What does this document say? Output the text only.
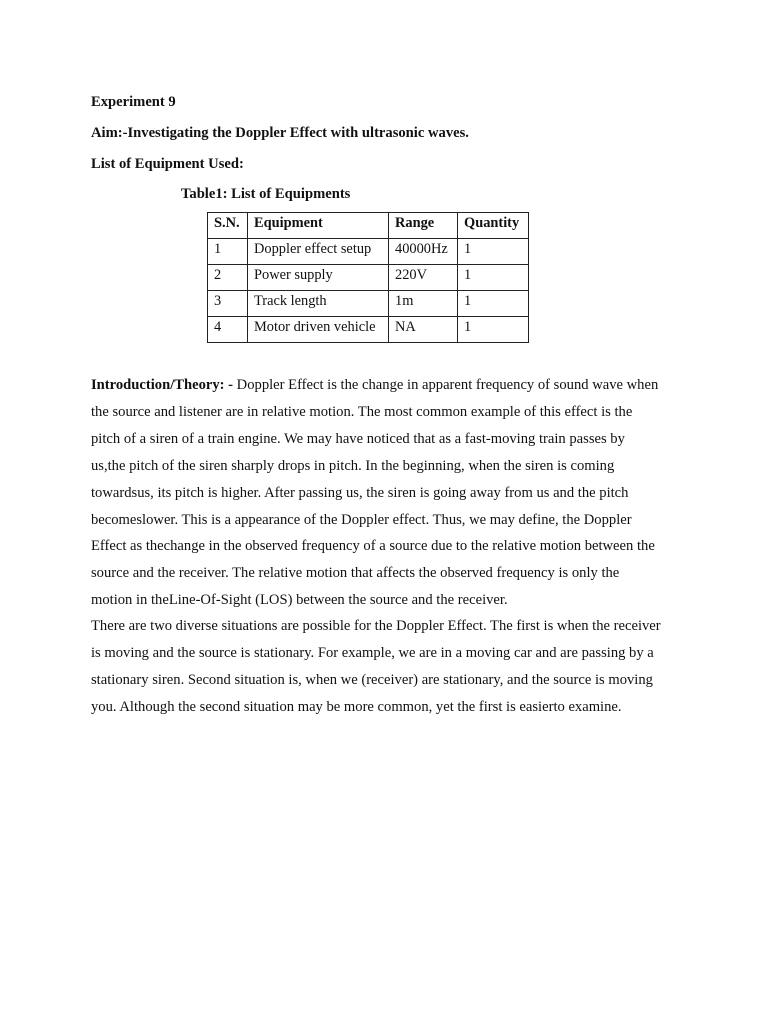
Experiment 9
Aim:-Investigating the Doppler Effect with ultrasonic waves.
List of Equipment Used:
Table1: List of Equipments
S.N.	Equipment	Range	Quantity
1	Doppler effect setup	40000Hz	1
2	Power supply	220V	1
3	Track length	1m	1
4	Motor driven vehicle	NA	1
Introduction/Theory: - Doppler Effect is the change in apparent frequency of sound wave when
the source and listener are in relative motion. The most common example of this effect is the
pitch of a siren of a train engine. We may have noticed that as a fast-moving train passes by
us,the pitch of the siren sharply drops in pitch. In the beginning, when the siren is coming
towardsus, its pitch is higher. After passing us, the siren is going away from us and the pitch
becomeslower. This is a appearance of the Doppler effect. Thus, we may define, the Doppler
Effect as thechange in the observed frequency of a source due to the relative motion between the
source and the receiver. The relative motion that affects the observed frequency is only the
motion in theLine-Of-Sight (LOS) between the source and the receiver.
There are two diverse situations are possible for the Doppler Effect. The first is when the receiver
is moving and the source is stationary. For example, we are in a moving car and are passing by a
stationary siren. Second situation is, when we (receiver) are stationary, and the source is moving
you. Although the second situation may be more common, yet the first is easierto examine.
